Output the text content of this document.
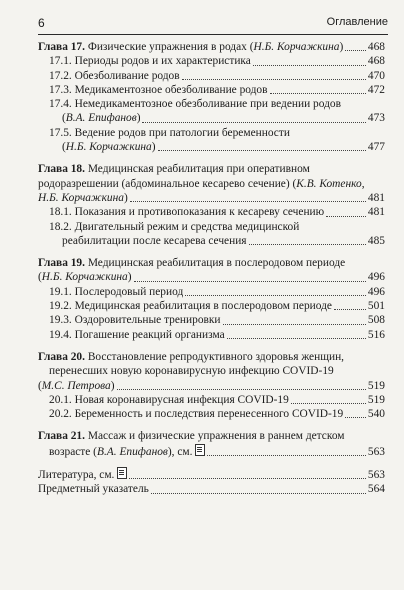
6	Оглавление
Глава 17. Физические упражнения в родах (Н.Б. Корчажкина) 468
17.1. Периоды родов и их характеристика	468
17.2. Обезболивание родов	470
17.3. Медикаментозное обезболивание родов	472
17.4. Немедикаментозное обезболивание при ведении родов
(В.А. Епифанов)	473
17.5. Ведение родов при патологии беременности
(Н.Б. Корчажкина)	477
Глава 18. Медицинская реабилитация при оперативном
родоразрешении (абдоминальное кесарево сечение) (К.В. Котенко,
Н.Б. Корчажкина)	481
18.1. Показания и противопоказания к кесареву сечению	481
18.2. Двигательный режим и средства медицинской
реабилитации после кесарева сечения	485
Глава 19. Медицинская реабилитация в послеродовом периоде
(Н.Б. Корчажкина)	496
19.1. Послеродовый период	496
19.2. Медицинская реабилитация в послеродовом периоде	501
19.3. Оздоровительные тренировки	508
19.4. Погашение реакций организма	516
Глава 20. Восстановление репродуктивного здоровья женщин,
перенесших новую коронавирусную инфекцию COVID-19
(М.С. Петрова)	519
20.1. Новая коронавирусная инфекция COVID-19	519
20.2. Беременность и последствия перенесенного COVID-19 540
Глава 21. Массаж и физические упражнения в раннем детском
возрасте (В.А. Епифанов), см. +	563
Литература, см. +	563
Предметный указатель	564
